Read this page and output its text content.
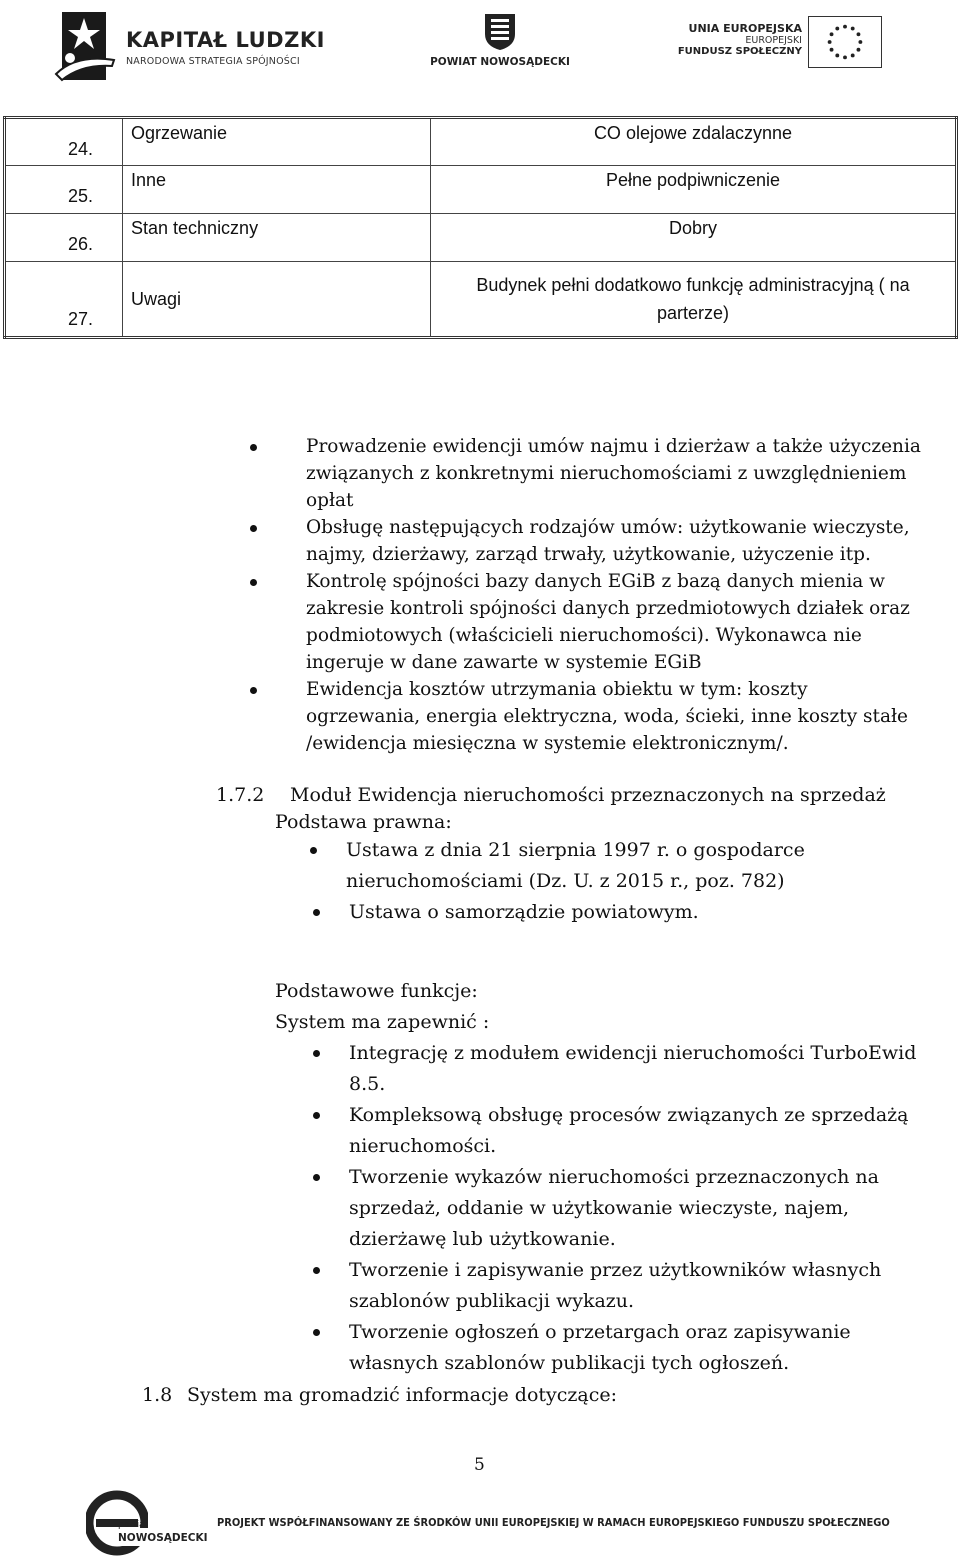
KAPITAŁ LUDZKI
NARODOWA STRATEGIA SPÓJNOŚCI	POWIAT NOWOSĄDECKI
UNIA EUROPEJSKA
EUROPEJSKI
FUNDUSZ SPOŁECZNY
24.	Ogrzewanie	CO olejowe zdalaczynne
25.	Inne	Pełne podpiwniczenie
26.	Stan techniczny	Dobry
27.	Uwagi	Budynek pełni dodatkowo funkcję administracyjną ( na
parterze)
Prowadzenie ewidencji umów najmu i dzierżaw a także użyczenia
związanych z konkretnymi nieruchomościami z uwzględnieniem
opłat
Obsługę następujących rodzajów umów: użytkowanie wieczyste,
najmy, dzierżawy, zarząd trwały, użytkowanie, użyczenie itp.
Kontrolę spójności bazy danych EGiB z bazą danych mienia w
zakresie kontroli spójności danych przedmiotowych działek oraz
podmiotowych (właścicieli nieruchomości). Wykonawca nie
ingeruje w dane zawarte w systemie EGiB
Ewidencja kosztów utrzymania obiektu w tym: koszty
ogrzewania, energia elektryczna, woda, ścieki, inne koszty stałe
/ewidencja miesięczna w systemie elektronicznym/.
1.7.2 Moduł Ewidencja nieruchomości przeznaczonych na sprzedaż
Podstawa prawna:
Ustawa z dnia 21 sierpnia 1997 r. o gospodarce
nieruchomościami (Dz. U. z 2015 r., poz. 782)
Ustawa o samorządzie powiatowym.
Podstawowe funkcje:
System ma zapewnić :
Integrację z modułem ewidencji nieruchomości TurboEwid
8.5.
Kompleksową obsługę procesów związanych ze sprzedażą
nieruchomości.
Tworzenie wykazów nieruchomości przeznaczonych na
sprzedaż, oddanie w użytkowanie wieczyste, najem,
dzierżawę lub użytkowanie.
Tworzenie i zapisywanie przez użytkowników własnych
szablonów publikacji wykazu.
Tworzenie ogłoszeń o przetargach oraz zapisywanie
własnych szablonów publikacji tych ogłoszeń.
1.8 System ma gromadzić informacje dotyczące:
5
powiat
NOWOSĄDECKI
PROJEKT WSPÓŁFINANSOWANY ZE ŚRODKÓW UNII EUROPEJSKIEJ W RAMACH EUROPEJSKIEGO FUNDUSZU SPOŁECZNEGO
